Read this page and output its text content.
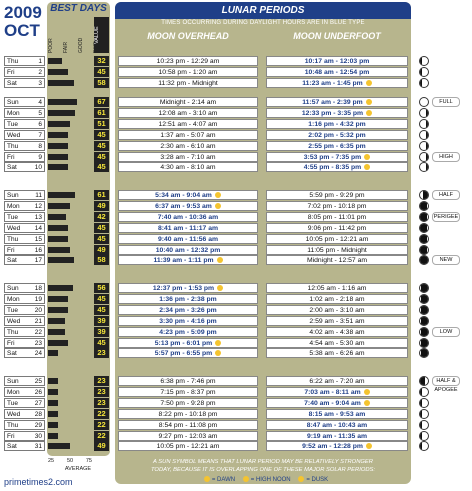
2009
OCT
BEST DAYS
POOR	FAIR	GOOD
VALUE
LUNAR PERIODS
TIMES OCCURRING DURING DAYLIGHT HOURS ARE IN BLUE TYPE
MOON OVERHEAD	MOON UNDERFOOT
Thu	1	32	10:23 pm - 12:29 am	10:17 am - 12:03 pm
Fri	2	45	10:58 pm - 1:20 am	10:48 am - 12:54 pm
Sat	3	58	11:32 pm - Midnight	11:23 am - 1:45 pm
Sun	4	67	Midnight - 2:14 am	11:57 am - 2:39 pm	FULL
Mon	5	61	12:08 am - 3:10 am	12:33 pm - 3:35 pm
Tue	6	51	12:51 am - 4:07 am	1:16 pm - 4:32 pm
Wed	7	45	1:37 am - 5:07 am	2:02 pm - 5:32 pm
Thu	8	45	2:30 am - 6:10 am	2:55 pm - 6:35 pm
Fri	9	45	3:28 am - 7:10 am	3:53 pm - 7:35 pm	HIGH
Sat	10	45	4:30 am - 8:10 am	4:55 pm - 8:35 pm
Sun	11	61	5:34 am - 9:04 am	5:59 pm - 9:29 pm	HALF
Mon 12	49	6:37 am - 9:53 am	7:02 pm - 10:18 pm
Tue	13	42	7:40 am - 10:36 am	8:05 pm - 11:01 pm	PERIGEE
Wed 14	45	8:41 am - 11:17 am	9:06 pm - 11:42 pm
Thu	15	45	9:40 am - 11:56 am	10:05 pm - 12:21 am
Fri	16	49	10:40 am - 12:32 pm	11:05 pm - Midnight
Sat	17	58	11:39 am - 1:11 pm	Midnight - 12:57 am	NEW
Sun 18	56	12:37 pm - 1:53 pm	12:05 am - 1:16 am
Mon 19	45	1:36 pm - 2:38 pm	1:02 am - 2:18 am
Tue	20	45	2:34 pm - 3:26 pm	2:00 am - 3:10 am
Wed 21	39	3:30 pm - 4:16 pm	2:59 am - 3:51 am
Thu	22	39	4:23 pm - 5:09 pm	4:02 am - 4:38 am	LOW
Fri	23	45	5:13 pm - 6:01 pm	4:54 am - 5:30 am
Sat	24	23	5:57 pm - 6:55 pm	5:38 am - 6:26 am
Sun 25	23	6:38 pm - 7:46 pm	6:22 am - 7:20 am	HALF & APOGEE
Mon 26	23	7:15 pm - 8:37 pm	7:03 am - 8:11 am
Tue	27	23	7:50 pm - 9:28 pm	7:40 am - 9:04 am
Wed 28	22	8:22 pm - 10:18 pm	8:15 am - 9:53 am
Thu	29	22	8:54 pm - 11:08 pm	8:47 am - 10:43 am
Fri	30	22	9:27 pm - 12:03 am	9:19 am - 11:35 am
Sat	31	49	10:05 pm - 12:21 am	9:52 am - 12:28 pm
25 50 75
AVERAGE
A SUN SYMBOL MEANS THAT LUNAR PERIOD MAY BE RELATIVELY STRONGER
TODAY, BECAUSE IT IS OVERLAPPING ONE OF THESE MAJOR SOLAR PERIODS:
= DAWN	= HIGH NOON	= DUSK
primetimes2.com
